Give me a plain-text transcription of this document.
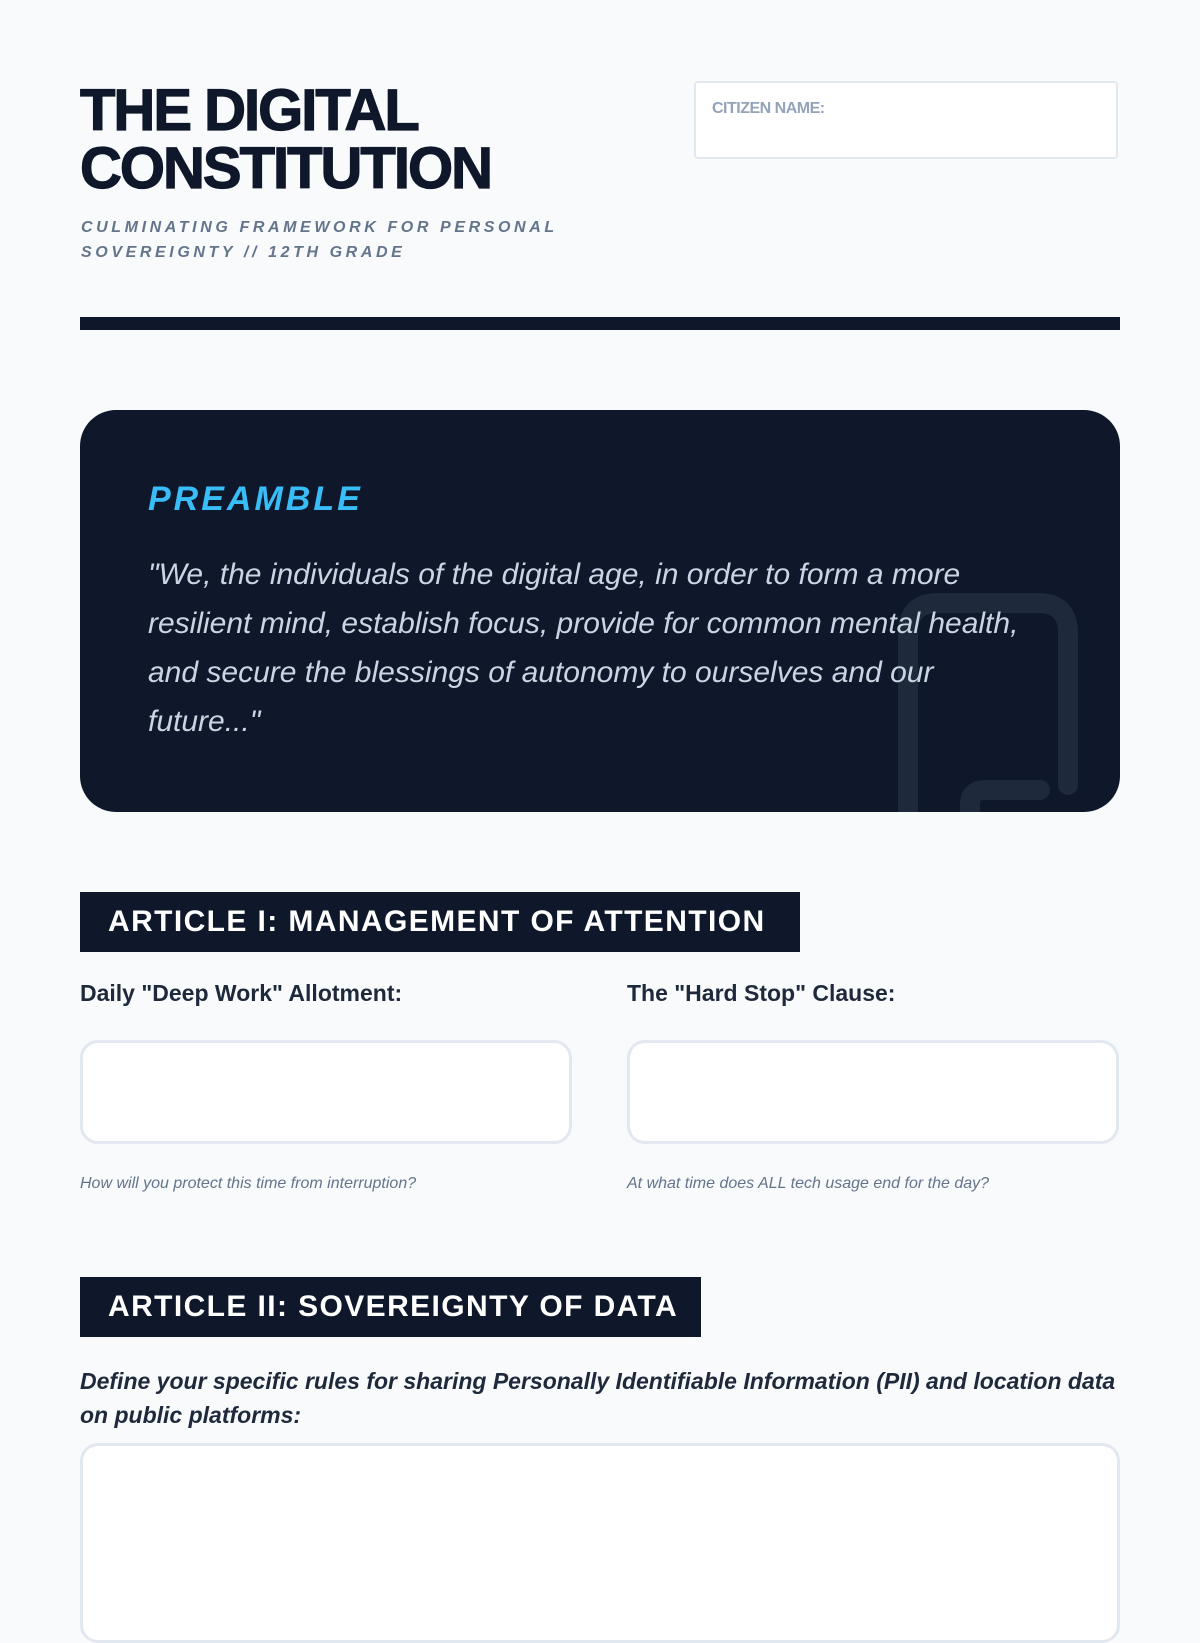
THE DIGITAL CONSTITUTION
CULMINATING FRAMEWORK FOR PERSONAL SOVEREIGNTY // 12TH GRADE
CITIZEN NAME:
PREAMBLE
"We, the individuals of the digital age, in order to form a more resilient mind, establish focus, provide for common mental health, and secure the blessings of autonomy to ourselves and our future..."
ARTICLE I: MANAGEMENT OF ATTENTION
Daily "Deep Work" Allotment:	The "Hard Stop" Clause:
How will you protect this time from interruption?	At what time does ALL tech usage end for the day?
ARTICLE II: SOVEREIGNTY OF DATA
Define your specific rules for sharing Personally Identifiable Information (PII) and location data on public platforms:
